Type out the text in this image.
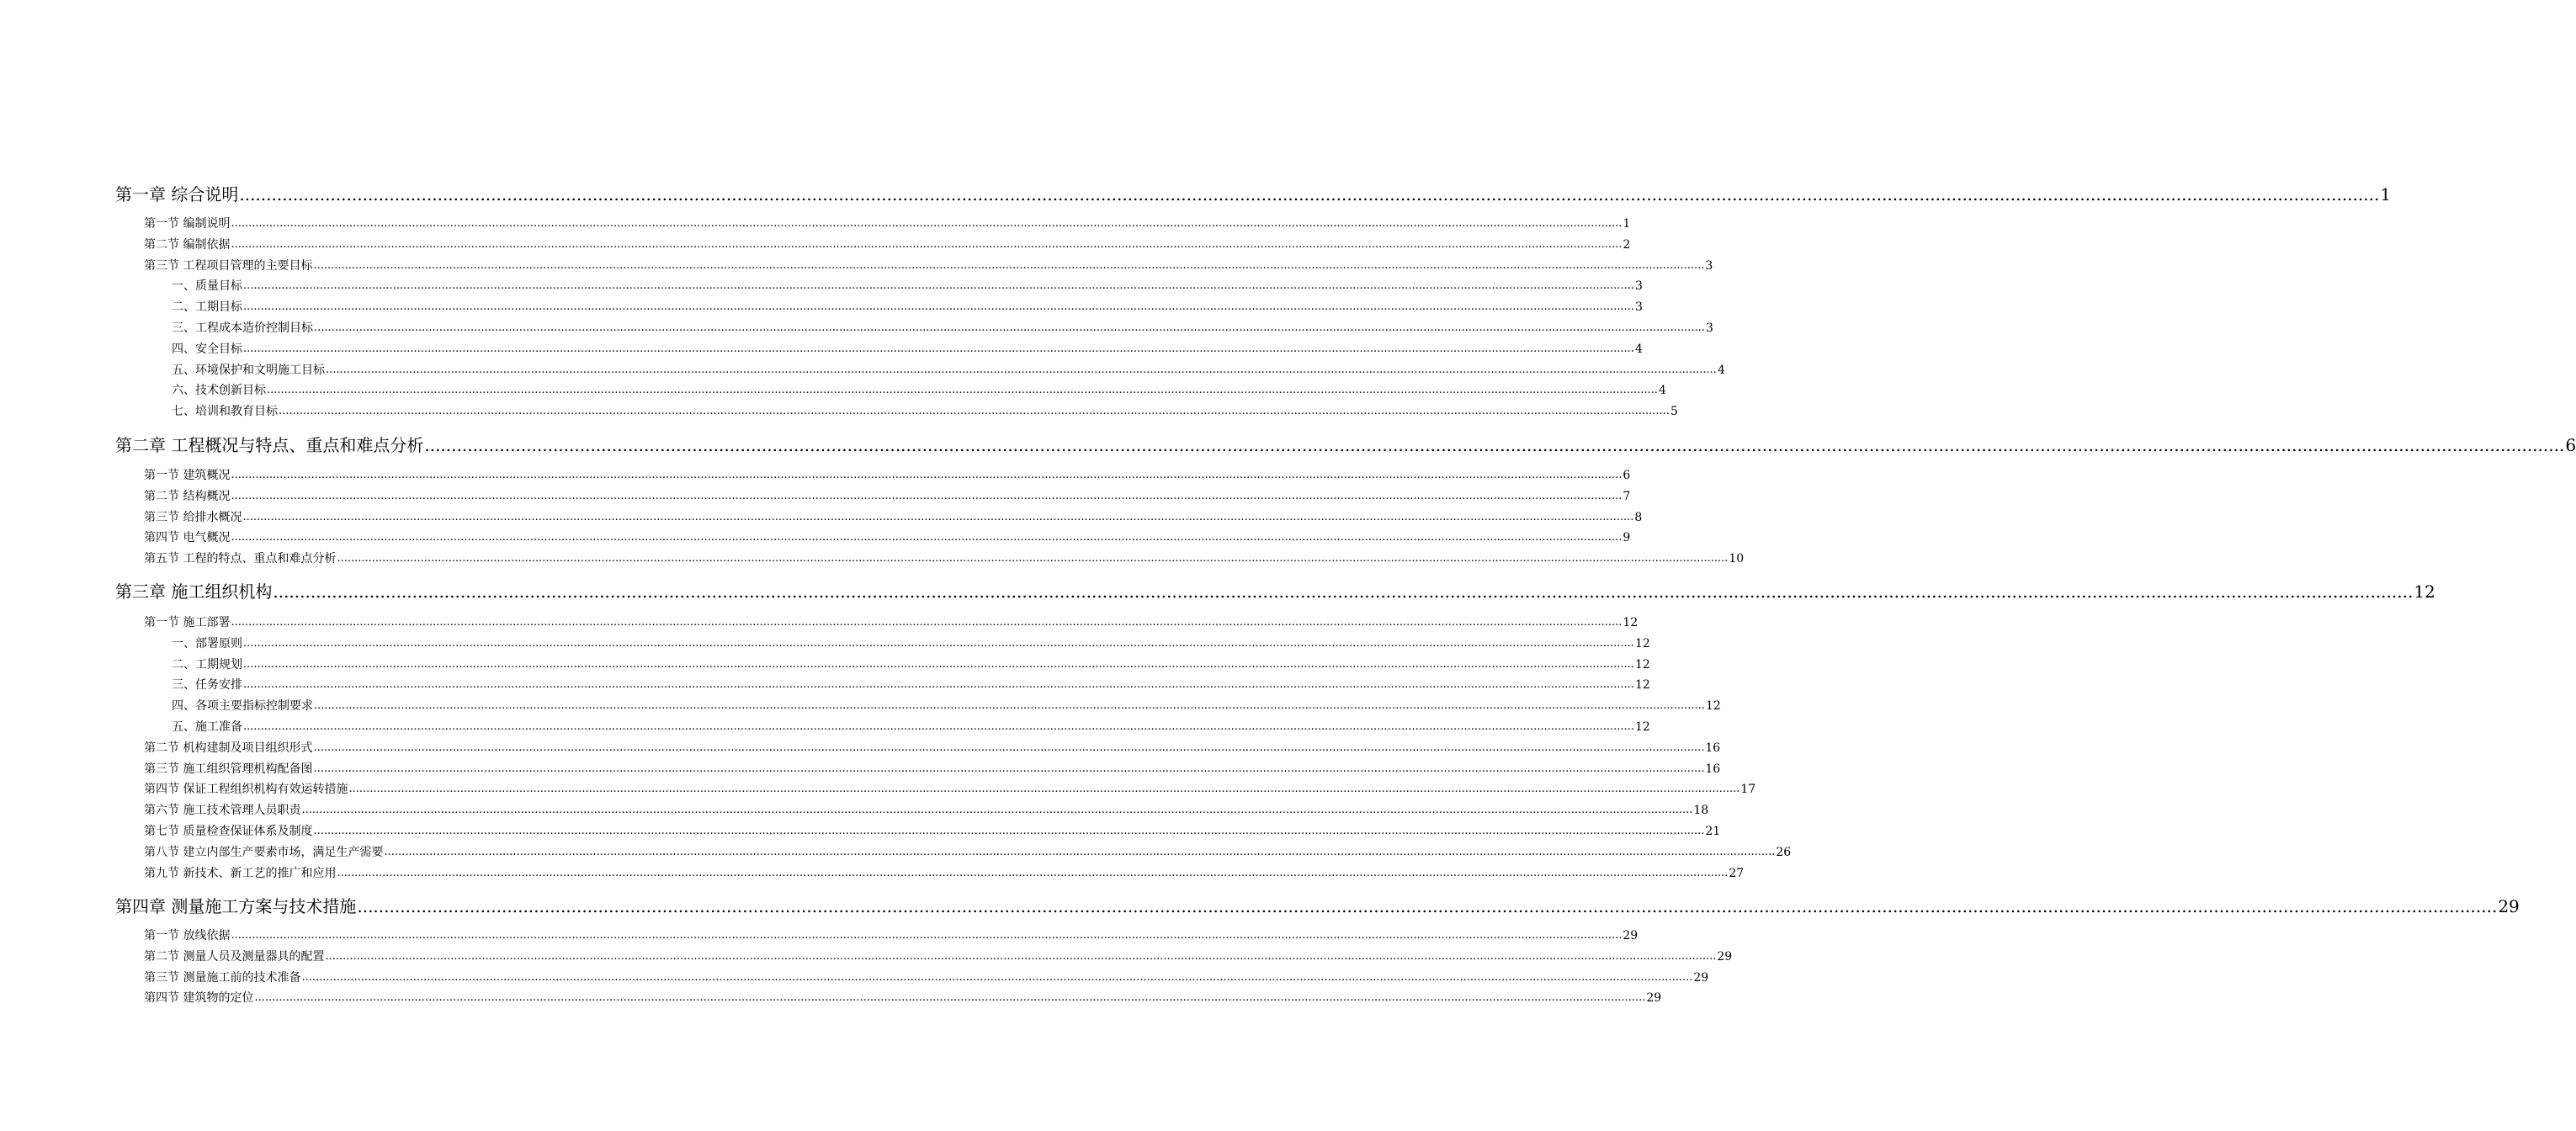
第一章 综合说明 ................................................................................................................................................................................................................................................................................................................................................................................................................ 1
第一节 编制说明 ................................................................................................................................................................................................................................................................................................................................................................................................................ 1
第二节 编制依据 ................................................................................................................................................................................................................................................................................................................................................................................................................ 2
第三节 工程项目管理的主要目标 ................................................................................................................................................................................................................................................................................................................................................................................................................ 3
一、质量目标 ................................................................................................................................................................................................................................................................................................................................................................................................................ 3
二、工期目标 ................................................................................................................................................................................................................................................................................................................................................................................................................ 3
三、工程成本造价控制目标 ................................................................................................................................................................................................................................................................................................................................................................................................................ 3
四、安全目标 ................................................................................................................................................................................................................................................................................................................................................................................................................ 4
五、环境保护和文明施工目标 ................................................................................................................................................................................................................................................................................................................................................................................................................ 4
六、技术创新目标 ................................................................................................................................................................................................................................................................................................................................................................................................................ 4
七、培训和教育目标 ................................................................................................................................................................................................................................................................................................................................................................................................................ 5
第二章 工程概况与特点、重点和难点分析 ................................................................................................................................................................................................................................................................................................................................................................................................................ 6
第一节 建筑概况 ................................................................................................................................................................................................................................................................................................................................................................................................................ 6
第二节 结构概况 ................................................................................................................................................................................................................................................................................................................................................................................................................ 7
第三节 给排水概况 ................................................................................................................................................................................................................................................................................................................................................................................................................ 8
第四节 电气概况 ................................................................................................................................................................................................................................................................................................................................................................................................................ 9
第五节 工程的特点、重点和难点分析 ................................................................................................................................................................................................................................................................................................................................................................................................................ 10
第三章 施工组织机构 ................................................................................................................................................................................................................................................................................................................................................................................................................ 12
第一节 施工部署 ................................................................................................................................................................................................................................................................................................................................................................................................................ 12
一、部署原则 ................................................................................................................................................................................................................................................................................................................................................................................................................ 12
二、工期规划 ................................................................................................................................................................................................................................................................................................................................................................................................................ 12
三、任务安排 ................................................................................................................................................................................................................................................................................................................................................................................................................ 12
四、各项主要指标控制要求 ................................................................................................................................................................................................................................................................................................................................................................................................................ 12
五、施工准备 ................................................................................................................................................................................................................................................................................................................................................................................................................ 12
第二节 机构建制及项目组织形式 ................................................................................................................................................................................................................................................................................................................................................................................................................ 16
第三节 施工组织管理机构配备图 ................................................................................................................................................................................................................................................................................................................................................................................................................ 16
第四节 保证工程组织机构有效运转措施 ................................................................................................................................................................................................................................................................................................................................................................................................................ 17
第六节 施工技术管理人员职责 ................................................................................................................................................................................................................................................................................................................................................................................................................ 18
第七节 质量检查保证体系及制度 ................................................................................................................................................................................................................................................................................................................................................................................................................ 21
第八节 建立内部生产要素市场，满足生产需要 ................................................................................................................................................................................................................................................................................................................................................................................................................ 26
第九节 新技术、新工艺的推广和应用 ................................................................................................................................................................................................................................................................................................................................................................................................................ 27
第四章 测量施工方案与技术措施 ................................................................................................................................................................................................................................................................................................................................................................................................................ 29
第一节 放线依据 ................................................................................................................................................................................................................................................................................................................................................................................................................ 29
第二节 测量人员及测量器具的配置 ................................................................................................................................................................................................................................................................................................................................................................................................................ 29
第三节 测量施工前的技术准备 ................................................................................................................................................................................................................................................................................................................................................................................................................ 29
第四节 建筑物的定位 ................................................................................................................................................................................................................................................................................................................................................................................................................ 29
